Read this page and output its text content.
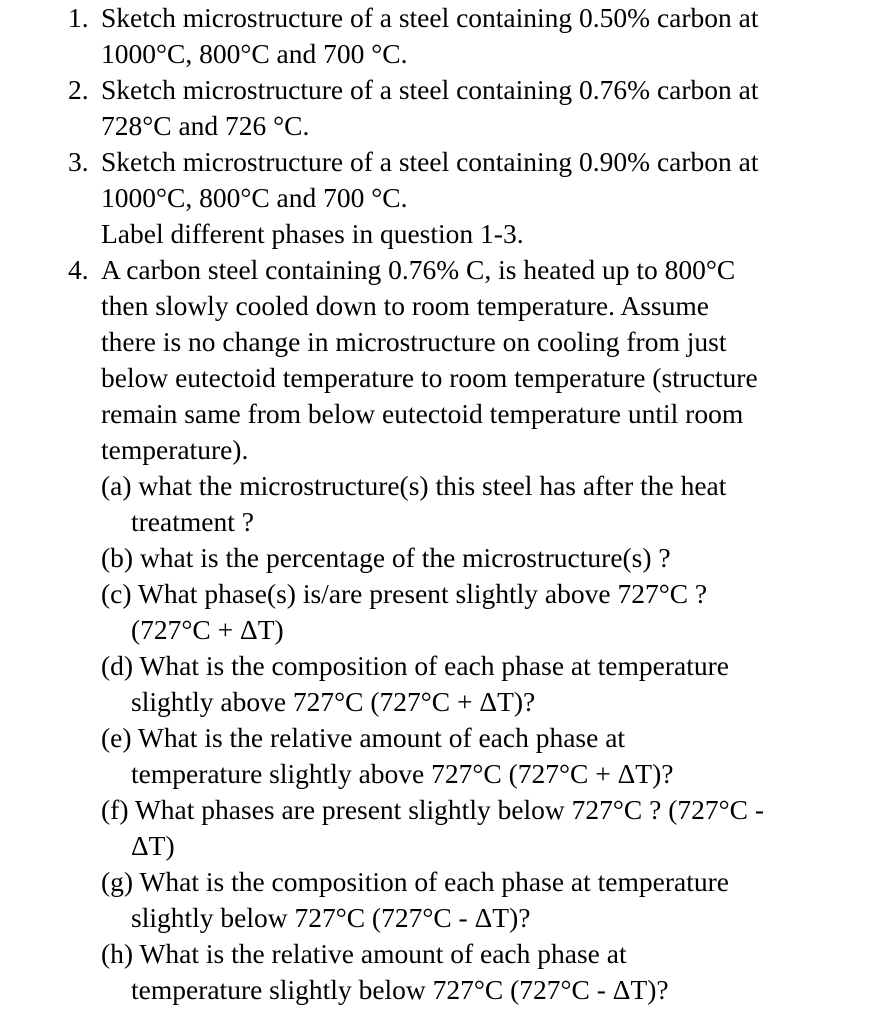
1. Sketch microstructure of a steel containing 0.50% carbon at
1000°C, 800°C and 700 °C.
2. Sketch microstructure of a steel containing 0.76% carbon at
728°C and 726 °C.
3. Sketch microstructure of a steel containing 0.90% carbon at
1000°C, 800°C and 700 °C.
Label different phases in question 1-3.
4. A carbon steel containing 0.76% C, is heated up to 800°C
then slowly cooled down to room temperature. Assume
there is no change in microstructure on cooling from just
below eutectoid temperature to room temperature (structure
remain same from below eutectoid temperature until room
temperature).
(a) what the microstructure(s) this steel has after the heat
treatment ?
(b) what is the percentage of the microstructure(s) ?
(c) What phase(s) is/are present slightly above 727°C ?
(727°C + ΔT)
(d) What is the composition of each phase at temperature
slightly above 727°C (727°C + ΔT)?
(e) What is the relative amount of each phase at
temperature slightly above 727°C (727°C + ΔT)?
(f) What phases are present slightly below 727°C ? (727°C -
ΔT)
(g) What is the composition of each phase at temperature
slightly below 727°C (727°C - ΔT)?
(h) What is the relative amount of each phase at
temperature slightly below 727°C (727°C - ΔT)?
